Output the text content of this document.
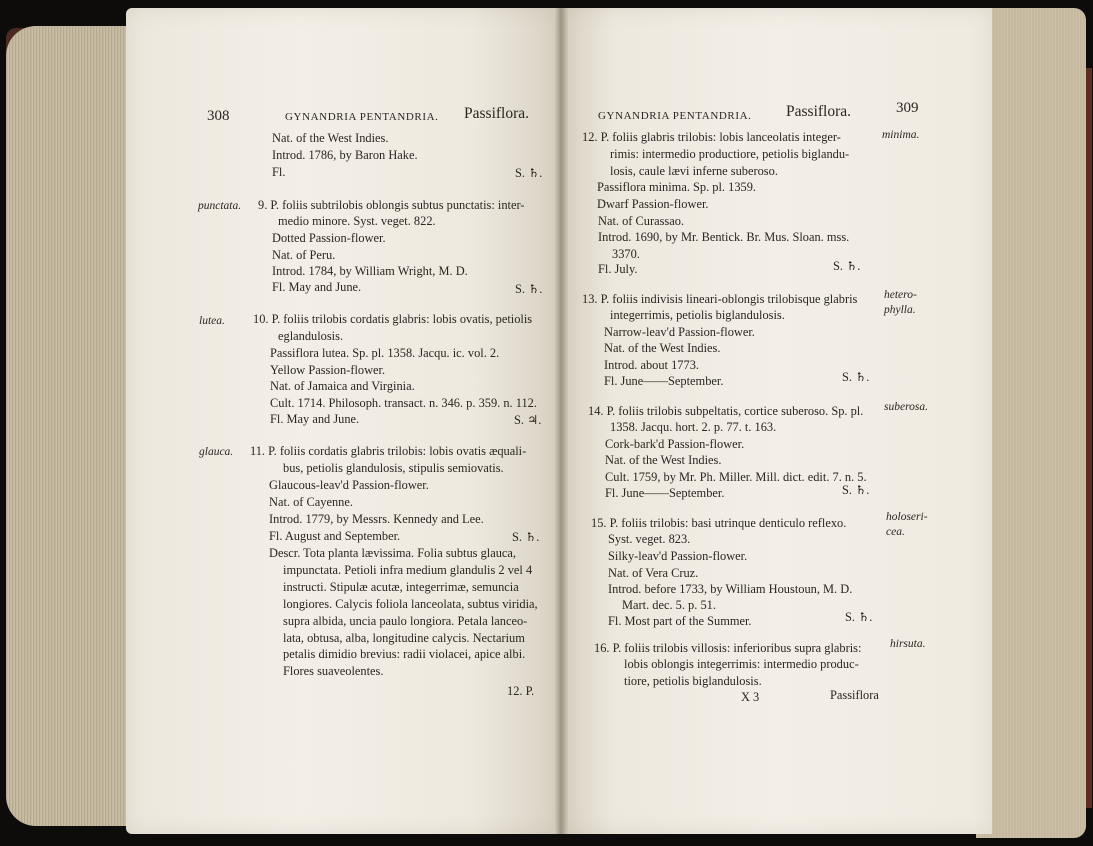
308	GYNANDRIA PENTANDRIA. Passiflora.
Nat. of the West Indies.
Introd. 1786, by Baron Hake.
Fl.	S. ♄.
punctata. 9. P. foliis subtrilobis oblongis subtus punctatis: inter-
medio minore. Syst. veget. 822.
Dotted Passion-flower.
Nat. of Peru.
Introd. 1784, by William Wright, M. D.
Fl. May and June.	S. ♄.
lutea. 10. P. foliis trilobis cordatis glabris: lobis ovatis, petiolis
eglandulosis.
Passiflora lutea. Sp. pl. 1358. Jacqu. ic. vol. 2.
Yellow Passion-flower.
Nat. of Jamaica and Virginia.
Cult. 1714. Philosoph. transact. n. 346. p. 359. n. 112.
Fl. May and June.	S. ♃.
glauca. 11. P. foliis cordatis glabris trilobis: lobis ovatis æquali-
bus, petiolis glandulosis, stipulis semiovatis.
Glaucous-leav'd Passion-flower.
Nat. of Cayenne.
Introd. 1779, by Messrs. Kennedy and Lee.
Fl. August and September.	S. ♄.
Descr. Tota planta lævissima. Folia subtus glauca,
impunctata. Petioli infra medium glandulis 2 vel 4
instructi. Stipulæ acutæ, integerrimæ, semuncia
longiores. Calycis foliola lanceolata, subtus viridia,
supra albida, uncia paulo longiora. Petala lanceo-
lata, obtusa, alba, longitudine calycis. Nectarium
petalis dimidio brevius: radii violacei, apice albi.
Flores suaveolentes.
12. P.
GYNANDRIA PENTANDRIA. Passiflora.	309
minima.
12. P. foliis glabris trilobis: lobis lanceolatis integer-
rimis: intermedio productiore, petiolis biglandu-
losis, caule lævi inferne suberoso.
Passiflora minima. Sp. pl. 1359.
Dwarf Passion-flower.
Nat. of Curassao.
Introd. 1690, by Mr. Bentick. Br. Mus. Sloan. mss.
3370.
Fl. July.	S. ♄.
hetero-
phylla.
13. P. foliis indivisis lineari-oblongis trilobisque glabris
integerrimis, petiolis biglandulosis.
Narrow-leav'd Passion-flower.
Nat. of the West Indies.
Introd. about 1773.
Fl. June——September.	S. ♄.
suberosa.
14. P. foliis trilobis subpeltatis, cortice suberoso. Sp. pl.
1358. Jacqu. hort. 2. p. 77. t. 163.
Cork-bark'd Passion-flower.
Nat. of the West Indies.
Cult. 1759, by Mr. Ph. Miller. Mill. dict. edit. 7. n. 5.
Fl. June——September.	S. ♄.
holoseri-
cea.
15. P. foliis trilobis: basi utrinque denticulo reflexo.
Syst. veget. 823.
Silky-leav'd Passion-flower.
Nat. of Vera Cruz.
Introd. before 1733, by William Houstoun, M. D.
Mart. dec. 5. p. 51.
Fl. Most part of the Summer.	S. ♄.
hirsuta.
16. P. foliis trilobis villosis: inferioribus supra glabris:
lobis oblongis integerrimis: intermedio produc-
tiore, petiolis biglandulosis.
X 3	Passiflora
